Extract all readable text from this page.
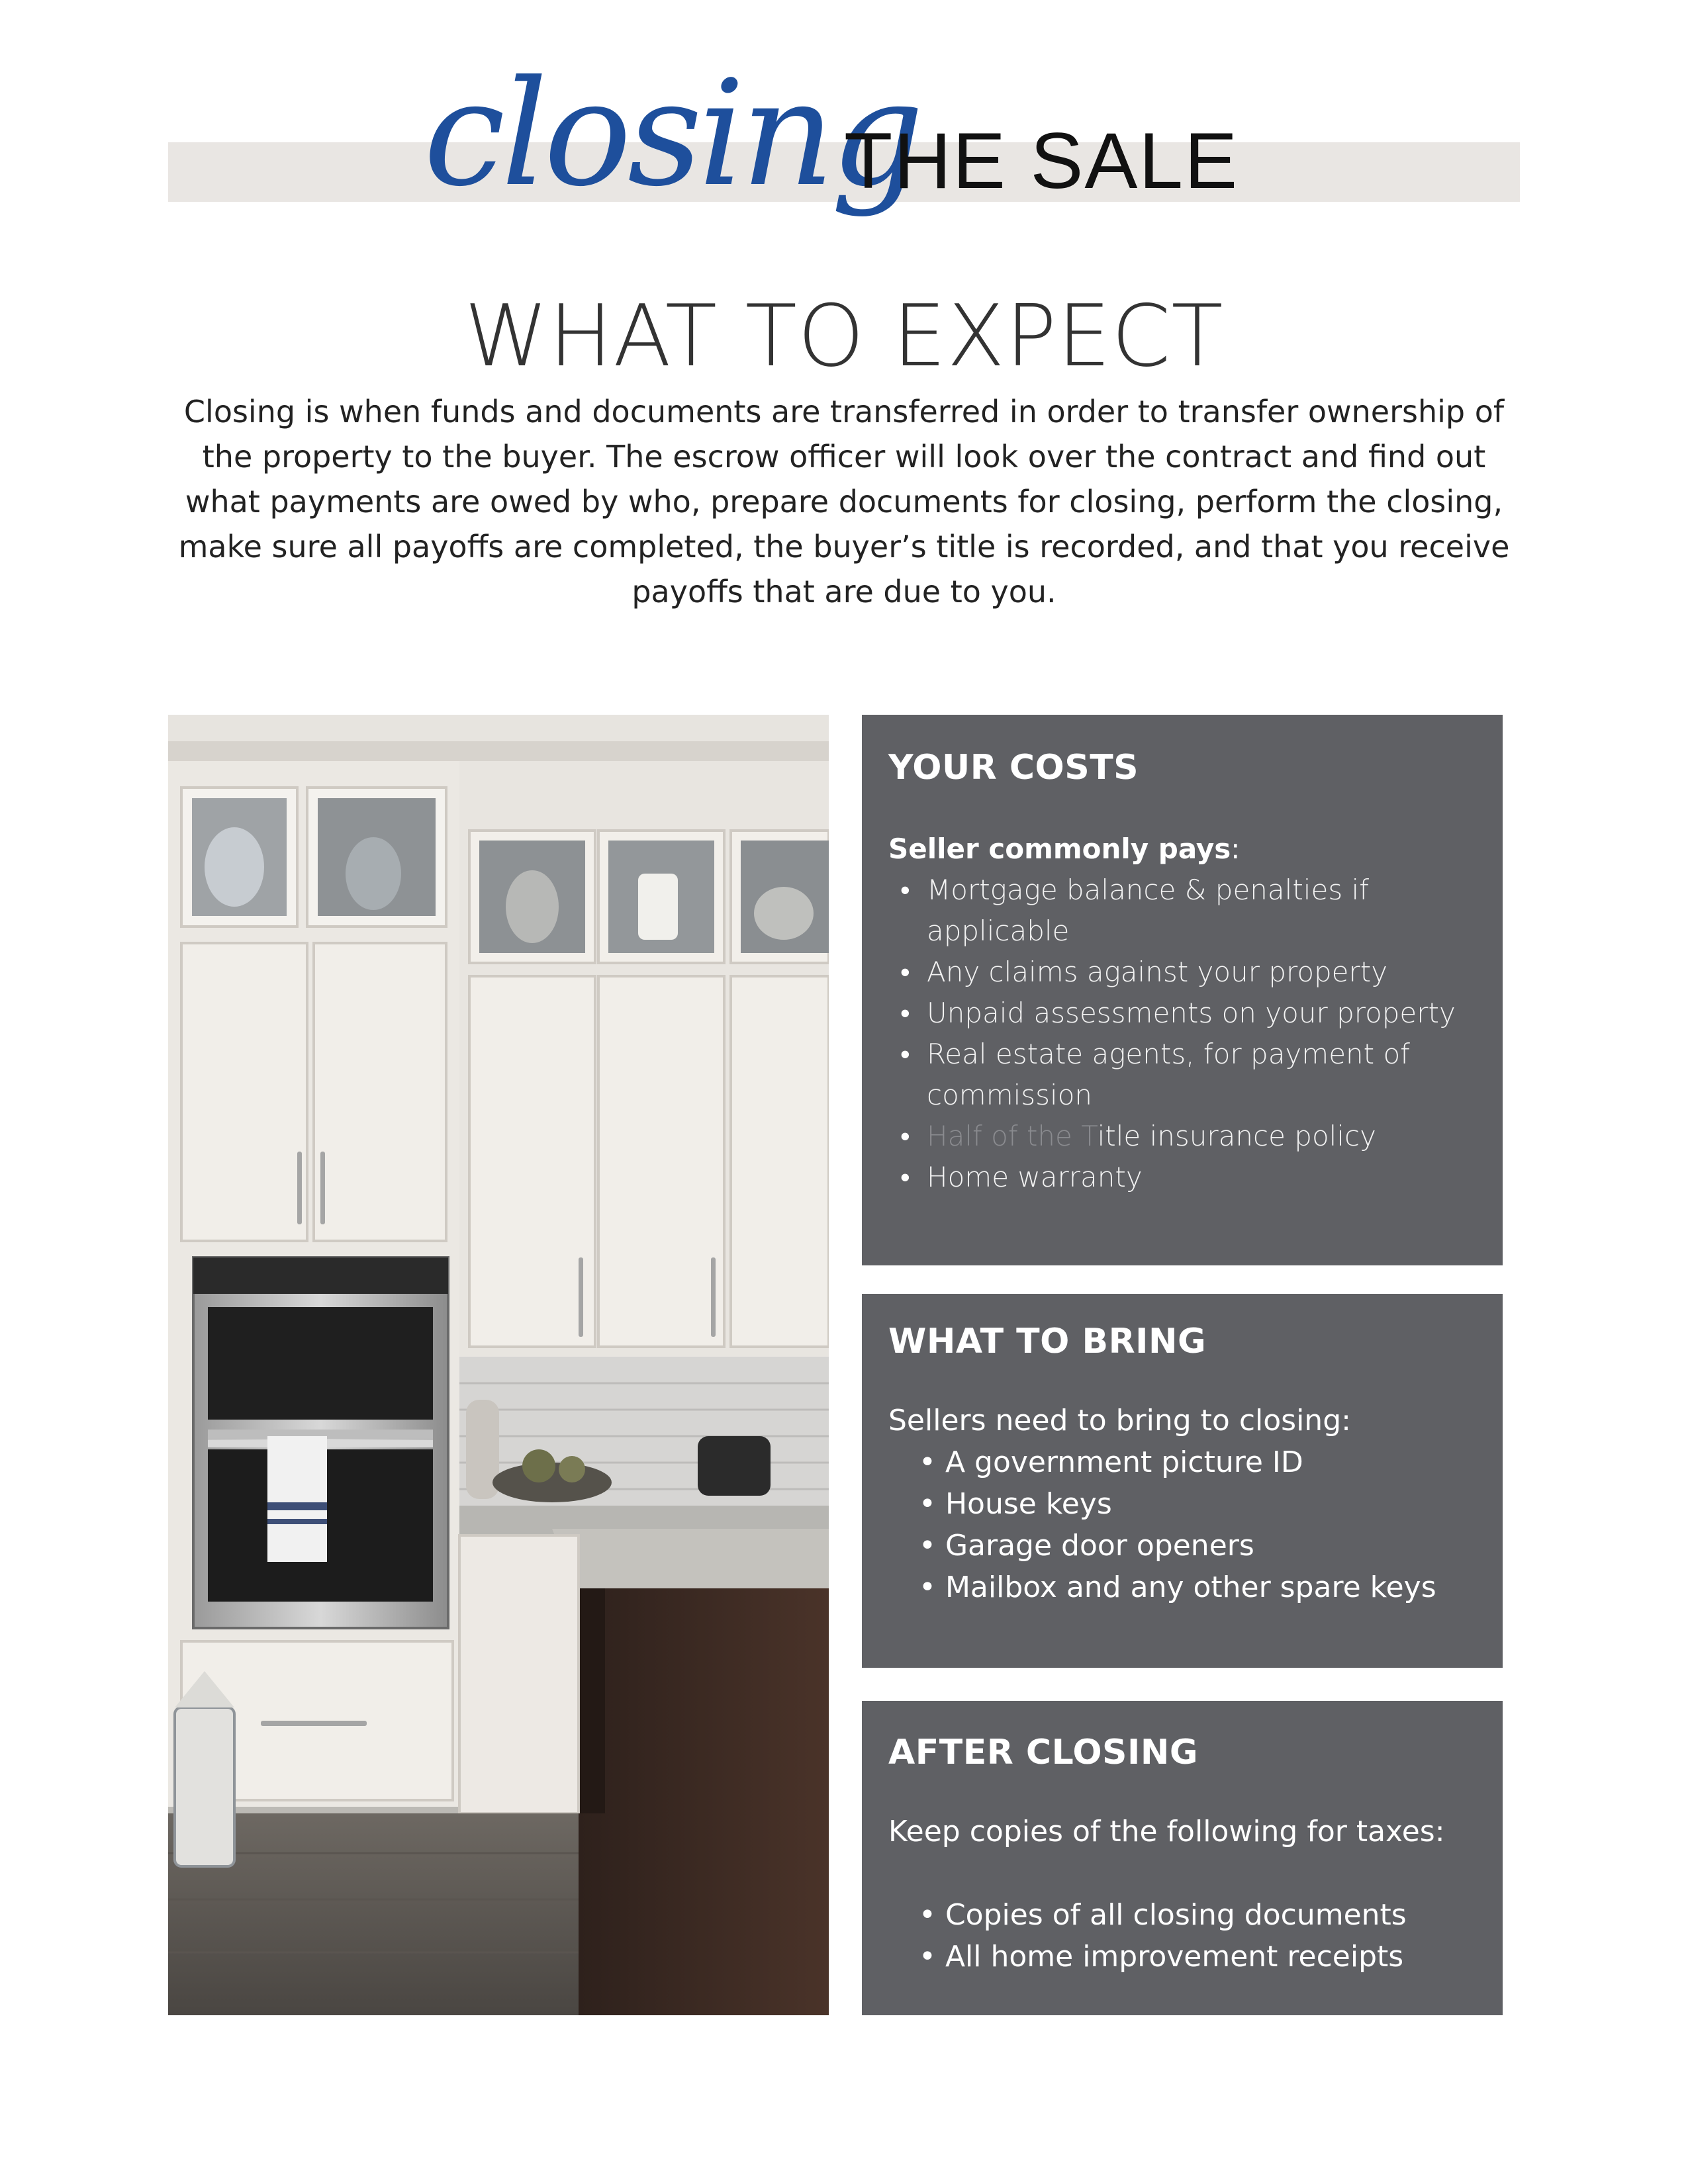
closing
THE SALE
WHAT TO EXPECT
Closing is when funds and documents are transferred in order to transfer ownership of the property to the buyer. The escrow officer will look over the contract and find out what payments are owed by who, prepare documents for closing, perform the closing, make sure all payoffs are completed, the buyer’s title is recorded, and that you receive payoffs that are due to you.
YOUR COSTS
Seller commonly pays:
• Mortgage balance & penalties if applicable
• Any claims against your property
• Unpaid assessments on your property
• Real estate agents, for payment of commission
• Half of the Title insurance policy
• Home warranty
WHAT TO BRING
Sellers need to bring to closing:
• A government picture ID
• House keys
• Garage door openers
• Mailbox and any other spare keys
AFTER CLOSING
Keep copies of the following for taxes:
• Copies of all closing documents
• All home improvement receipts
